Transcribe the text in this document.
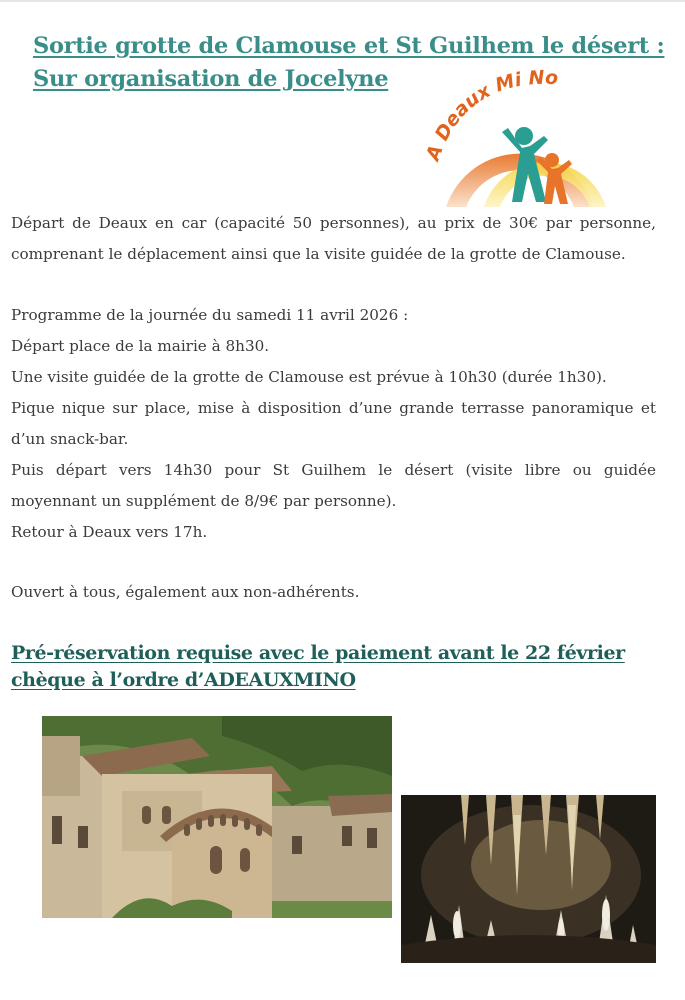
Sortie grotte de Clamouse et St Guilhem le désert :
Sur organisation de Jocelyne
A Deaux Mi No

Départ de Deaux en car (capacité 50 personnes), au prix de 30€ par personne, comprenant le déplacement ainsi que la visite guidée de la grotte de Clamouse.

Programme de la journée du samedi 11 avril 2026 :
Départ place de la mairie à 8h30.
Une visite guidée de la grotte de Clamouse est prévue à 10h30 (durée 1h30).
Pique nique sur place, mise à disposition d’une grande terrasse panoramique et d’un snack-bar.
Puis départ vers 14h30 pour St Guilhem le désert (visite libre ou guidée moyennant un supplément de 8/9€ par personne).
Retour à Deaux vers 17h.

Ouvert à tous, également aux non-adhérents.

Pré-réservation requise avec le paiement avant le 22 février
chèque à l’ordre d’ADEAUXMINO
